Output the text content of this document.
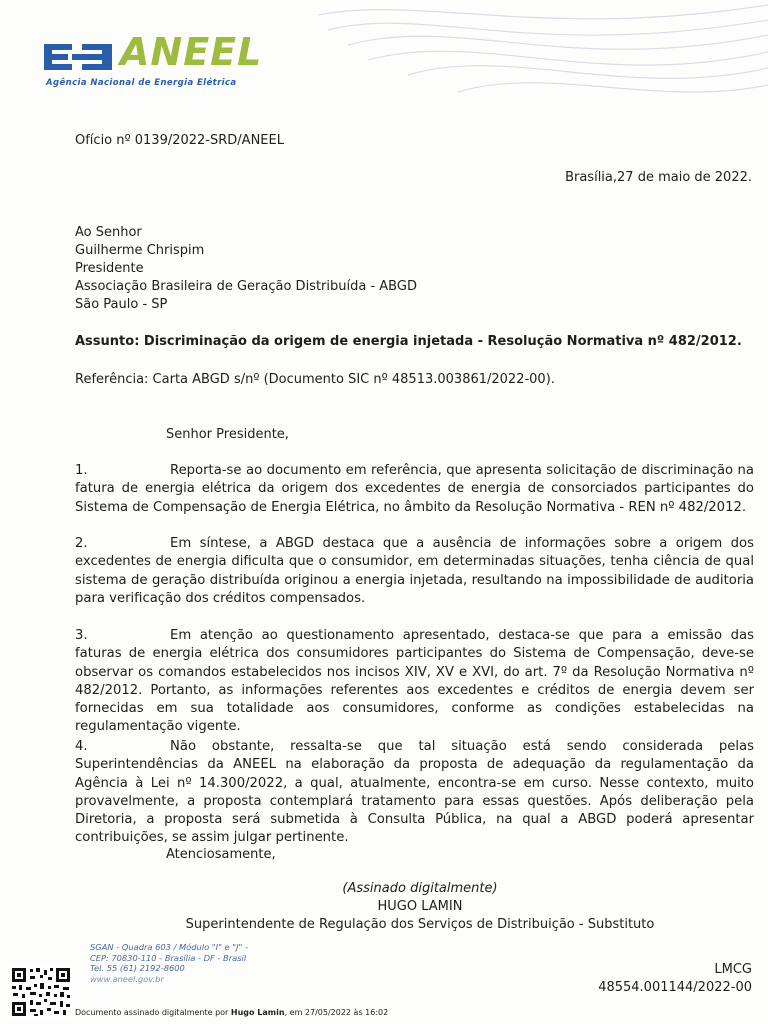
ANEEL
Agência Nacional de Energia Elétrica
Ofício nº 0139/2022-SRD/ANEEL
Brasília,27 de maio de 2022.
Ao Senhor
Guilherme Chrispim
Presidente
Associação Brasileira de Geração Distribuída - ABGD
São Paulo - SP
Assunto: Discriminação da origem de energia injetada - Resolução Normativa nº 482/2012.
Referência: Carta ABGD s/nº (Documento SIC nº 48513.003861/2022-00).
Senhor Presidente,
1.	Reporta-se ao documento em referência, que apresenta solicitação de discriminação na fatura de energia elétrica da origem dos excedentes de energia de consorciados participantes do Sistema de Compensação de Energia Elétrica, no âmbito da Resolução Normativa - REN nº 482/2012.
2.	Em síntese, a ABGD destaca que a ausência de informações sobre a origem dos excedentes de energia dificulta que o consumidor, em determinadas situações, tenha ciência de qual sistema de geração distribuída originou a energia injetada, resultando na impossibilidade de auditoria para verificação dos créditos compensados.
3.	Em atenção ao questionamento apresentado, destaca-se que para a emissão das faturas de energia elétrica dos consumidores participantes do Sistema de Compensação, deve-se observar os comandos estabelecidos nos incisos XIV, XV e XVI, do art. 7º da Resolução Normativa nº 482/2012. Portanto, as informações referentes aos excedentes e créditos de energia devem ser fornecidas em sua totalidade aos consumidores, conforme as condições estabelecidas na regulamentação vigente.
4.	Não obstante, ressalta-se que tal situação está sendo considerada pelas Superintendências da ANEEL na elaboração da proposta de adequação da regulamentação da Agência à Lei nº 14.300/2022, a qual, atualmente, encontra-se em curso. Nesse contexto, muito provavelmente, a proposta contemplará tratamento para essas questões. Após deliberação pela Diretoria, a proposta será submetida à Consulta Pública, na qual a ABGD poderá apresentar contribuições, se assim julgar pertinente.
Atenciosamente,
(Assinado digitalmente)
HUGO LAMIN
Superintendente de Regulação dos Serviços de Distribuição - Substituto
SGAN - Quadra 603 / Módulo "I" e "J" -
CEP: 70830-110 - Brasília - DF - Brasil
Tel. 55 (61) 2192-8600
www.aneel.gov.br
LMCG
48554.001144/2022-00
Documento assinado digitalmente por Hugo Lamin, em 27/05/2022 às 16:02
